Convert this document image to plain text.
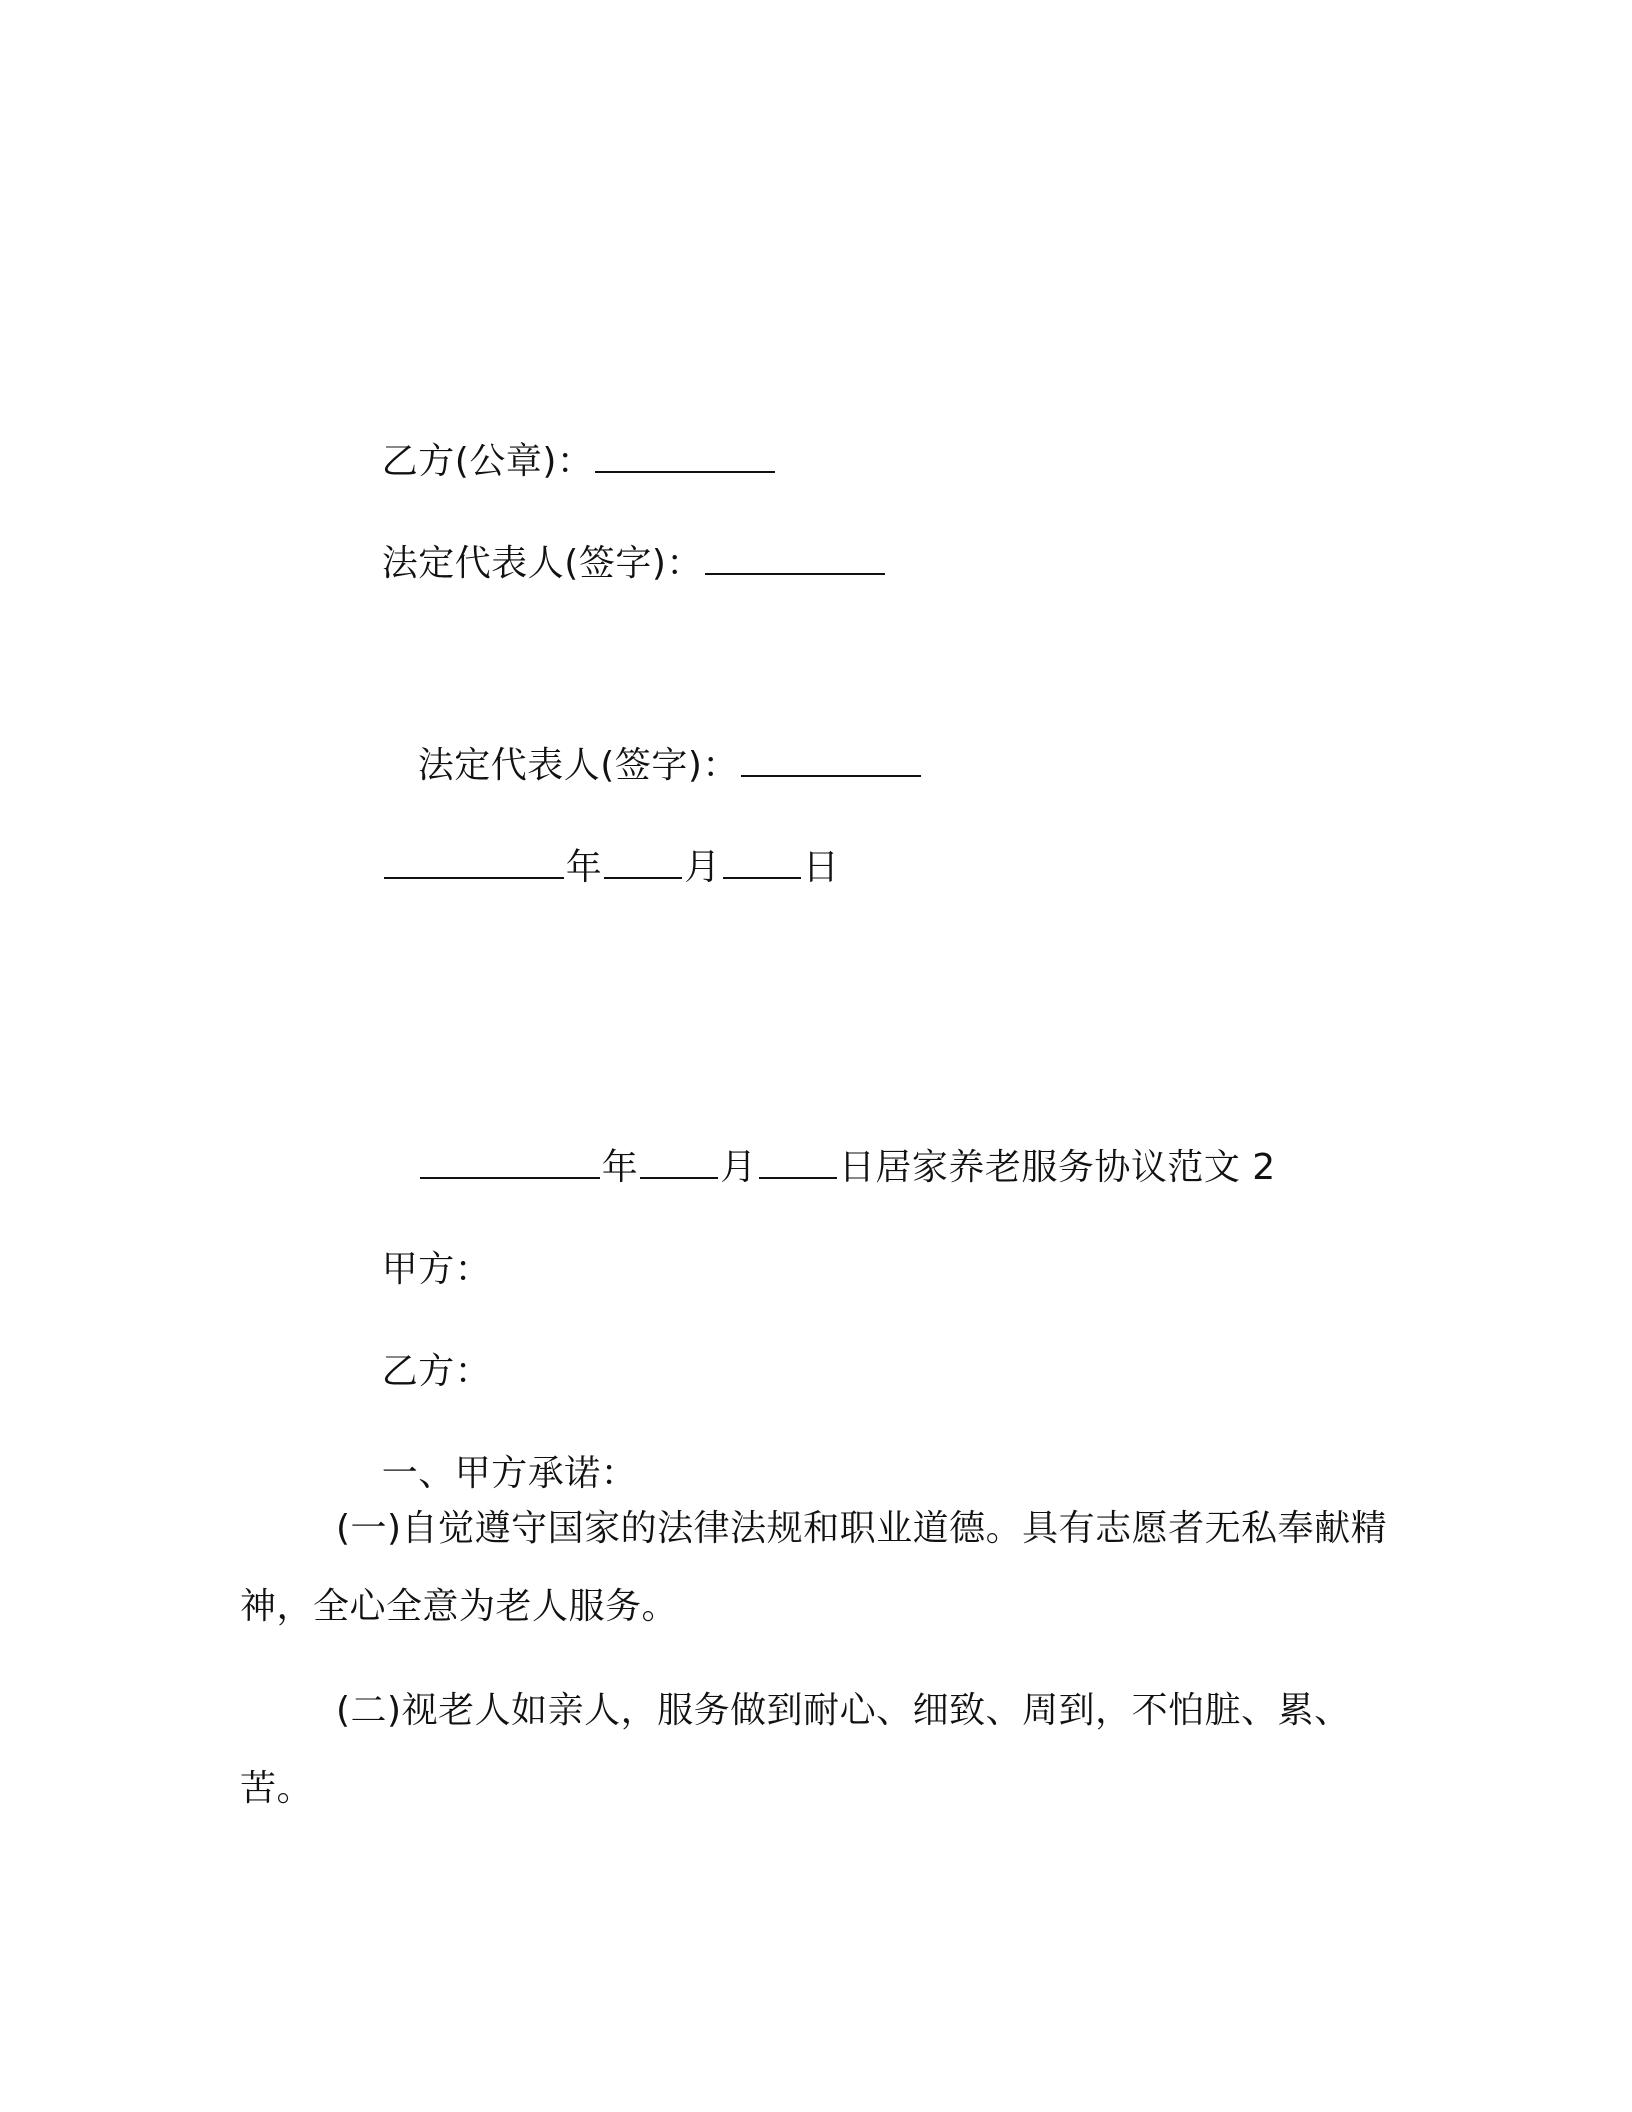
乙方(公章)：

法定代表人(签字)：

法定代表人(签字)：

年 月 日

年 月 日居家养老服务协议范文 2

甲方：

乙方：

一、甲方承诺：

(一)自觉遵守国家的法律法规和职业道德。具有志愿者无私奉献精神，全心全意为老人服务。
(二)视老人如亲人，服务做到耐心、细致、周到，不怕脏、累、苦。
